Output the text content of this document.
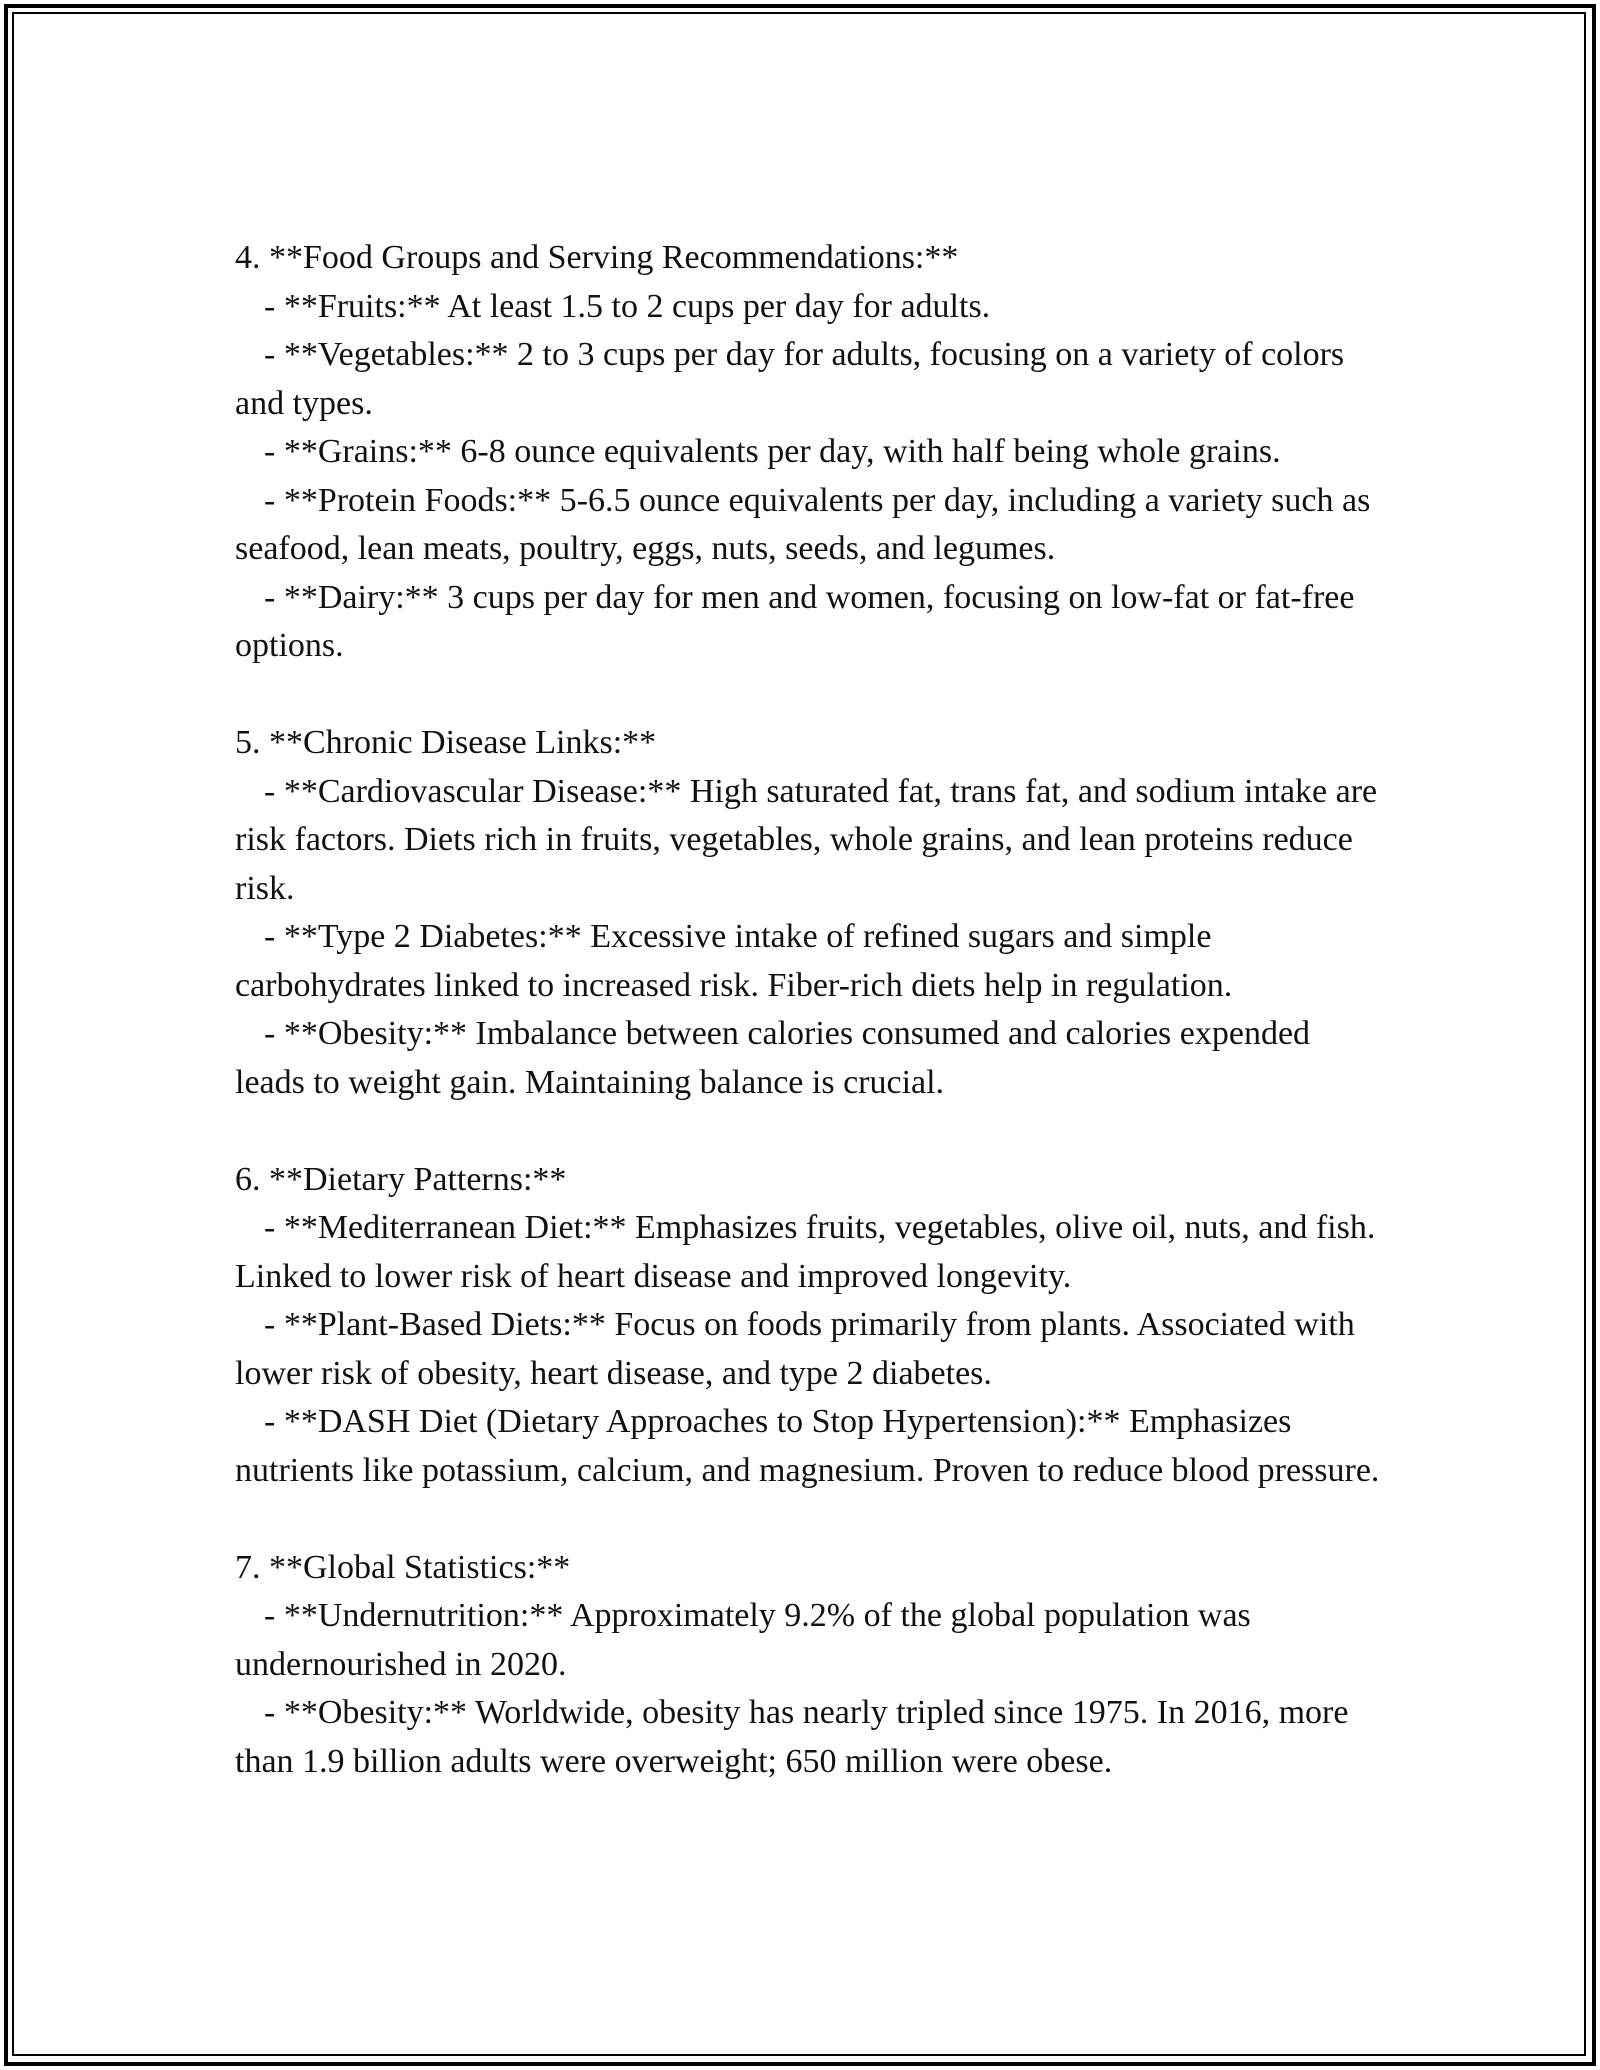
4. **Food Groups and Serving Recommendations:**

- **Fruits:** At least 1.5 to 2 cups per day for adults.

- **Vegetables:** 2 to 3 cups per day for adults, focusing on a variety of colors and types.

- **Grains:** 6-8 ounce equivalents per day, with half being whole grains.

- **Protein Foods:** 5-6.5 ounce equivalents per day, including a variety such as seafood, lean meats, poultry, eggs, nuts, seeds, and legumes.

- **Dairy:** 3 cups per day for men and women, focusing on low-fat or fat-free options.

5. **Chronic Disease Links:**

- **Cardiovascular Disease:** High saturated fat, trans fat, and sodium intake are risk factors. Diets rich in fruits, vegetables, whole grains, and lean proteins reduce risk.

- **Type 2 Diabetes:** Excessive intake of refined sugars and simple carbohydrates linked to increased risk. Fiber-rich diets help in regulation.

- **Obesity:** Imbalance between calories consumed and calories expended leads to weight gain. Maintaining balance is crucial.

6. **Dietary Patterns:**

- **Mediterranean Diet:** Emphasizes fruits, vegetables, olive oil, nuts, and fish. Linked to lower risk of heart disease and improved longevity.

- **Plant-Based Diets:** Focus on foods primarily from plants. Associated with lower risk of obesity, heart disease, and type 2 diabetes.

- **DASH Diet (Dietary Approaches to Stop Hypertension):** Emphasizes nutrients like potassium, calcium, and magnesium. Proven to reduce blood pressure.

7. **Global Statistics:**

- **Undernutrition:** Approximately 9.2% of the global population was undernourished in 2020.

- **Obesity:** Worldwide, obesity has nearly tripled since 1975. In 2016, more than 1.9 billion adults were overweight; 650 million were obese.
